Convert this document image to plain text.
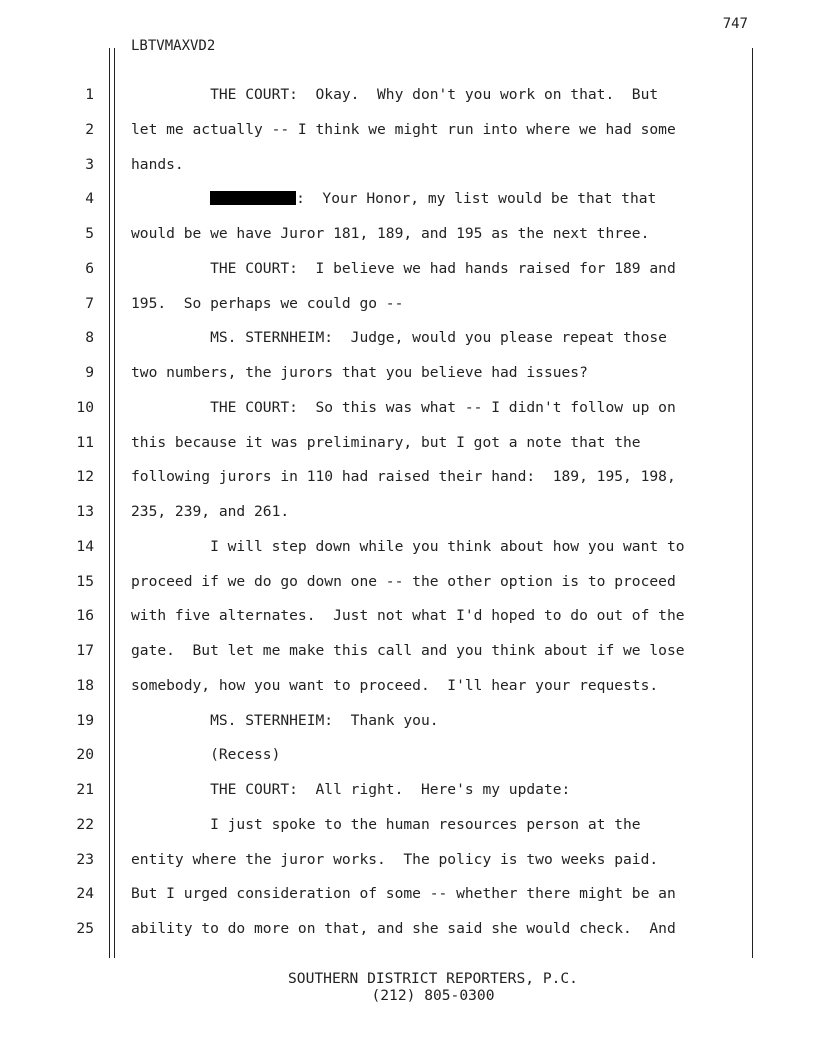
747
LBTVMAXVD2
1	THE COURT:  Okay.  Why don't you work on that.  But
2	let me actually -- I think we might run into where we had some
3	hands.
4	:  Your Honor, my list would be that that
5	would be we have Juror 181, 189, and 195 as the next three.
6	THE COURT:  I believe we had hands raised for 189 and
7	195.  So perhaps we could go --
8	MS. STERNHEIM:  Judge, would you please repeat those
9	two numbers, the jurors that you believe had issues?
10	THE COURT:  So this was what -- I didn't follow up on
11	this because it was preliminary, but I got a note that the
12	following jurors in 110 had raised their hand:  189, 195, 198,
13	235, 239, and 261.
14	I will step down while you think about how you want to
15	proceed if we do go down one -- the other option is to proceed
16	with five alternates.  Just not what I'd hoped to do out of the
17	gate.  But let me make this call and you think about if we lose
18	somebody, how you want to proceed.  I'll hear your requests.
19	MS. STERNHEIM:  Thank you.
20	(Recess)
21	THE COURT:  All right.  Here's my update:
22	I just spoke to the human resources person at the
23	entity where the juror works.  The policy is two weeks paid.
24	But I urged consideration of some -- whether there might be an
25	ability to do more on that, and she said she would check.  And
SOUTHERN DISTRICT REPORTERS, P.C.
(212) 805-0300
